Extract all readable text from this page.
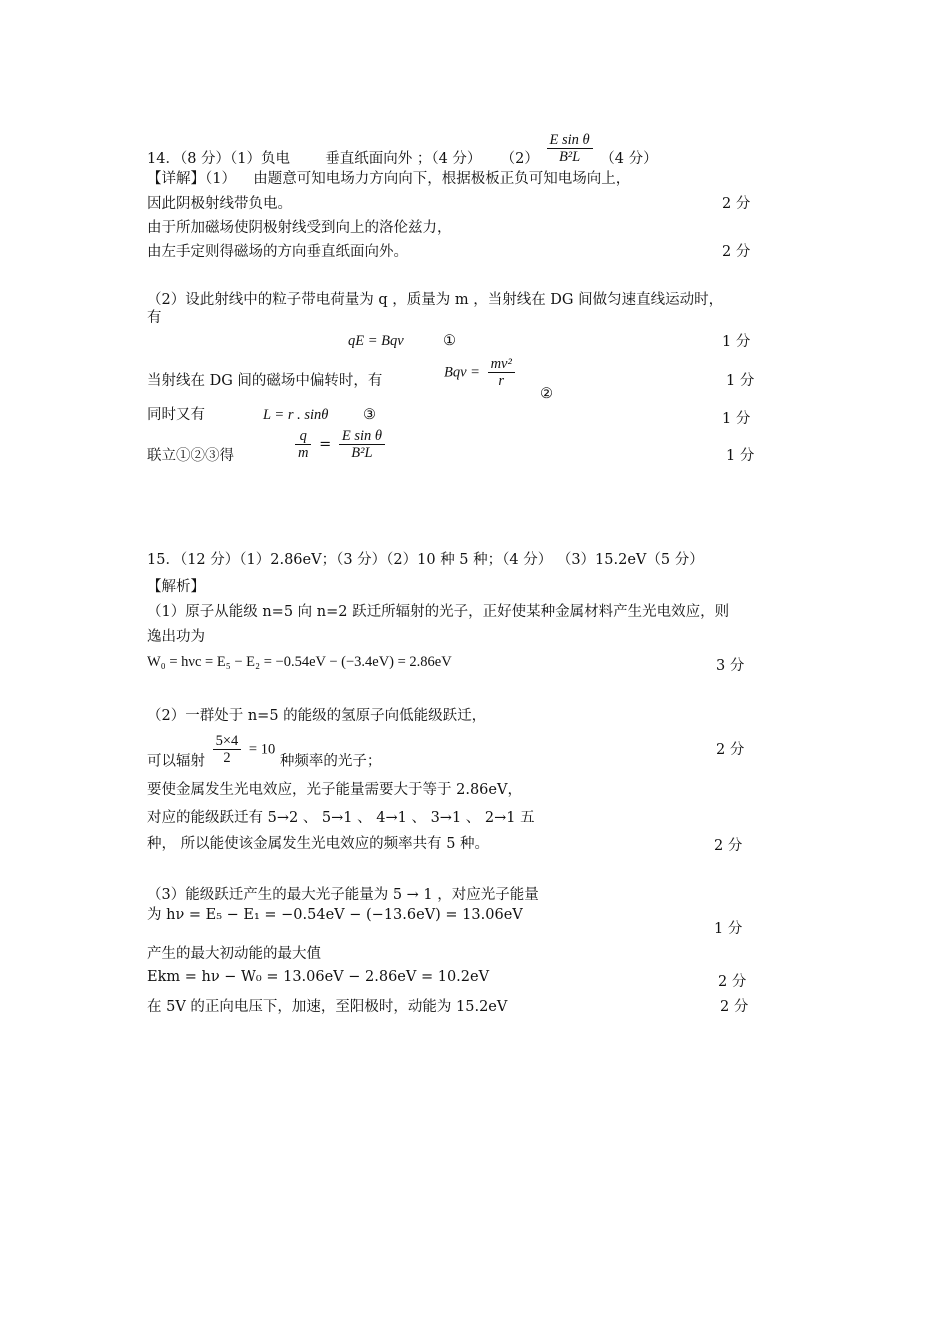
14．（8 分）（1）负电 垂直纸面向外 ；（4 分） $(2) \frac{\text{E sin θ}}{\text{B²L}} (4$ 分）
【详解】（1） 由题意可知电场力方向向下，根据极板正负可知电场向上，
因此阴极射线带负电。	2 分
由于所加磁场使阴极射线受到向上的洛伦兹力，
由左手定则得磁场的方向垂直纸面向外。	2 分
（2）设此射线中的粒子带电荷量为 q ，质量为 m ，当射线在 DG 间做匀速直线运动时，
有
qE = Bqv	①	1 分
当射线在 DG 间的磁场中偏转时，有
Bqv = $\frac{\text{mv²}}{r}$
②
1 分
同时又有	L = r . sinθ ③	1 分
联立①②③得	$\frac{q}{m} = \frac{\text{E sin θ}}{\text{B²L}}$	1 分
15．（12 分）（1）2.86eV；（3 分）（2）10 种 5 种；（4 分） （3）15.2eV（5 分）
【解析】
（1）原子从能级 n=5 向 n=2 跃迁所辐射的光子，正好使某种金属材料产生光电效应，则
逸出功为
W₀ = hνc = E₅ − E₂ = −0.54eV − (−3.4eV) = 2.86eV	3 分
（2）一群处于 n=5 的能级的氢原子向低能级跃迁，
可以辐射 $\frac{5\times 4}{2} = 10$ 种频率的光子；
2 分
要使金属发生光电效应，光子能量需要大于等于 2.86eV，
对应的能级跃迁有 5→2 、 5→1 、 4→1 、 3→1 、 2→1 五
种， 所以能使该金属发生光电效应的频率共有 5 种。	2 分
（3）能级跃迁产生的最大光子能量为 5 → 1 ，对应光子能量
为 hν = E₅ − E₁ = −0.54eV − (−13.6eV) = 13.06eV
1 分
产生的最大初动能的最大值
Ekm = hν − W₀ = 13.06eV − 2.86eV = 10.2eV	2 分
在 5V 的正向电压下，加速，至阳极时，动能为 15.2eV	2 分
